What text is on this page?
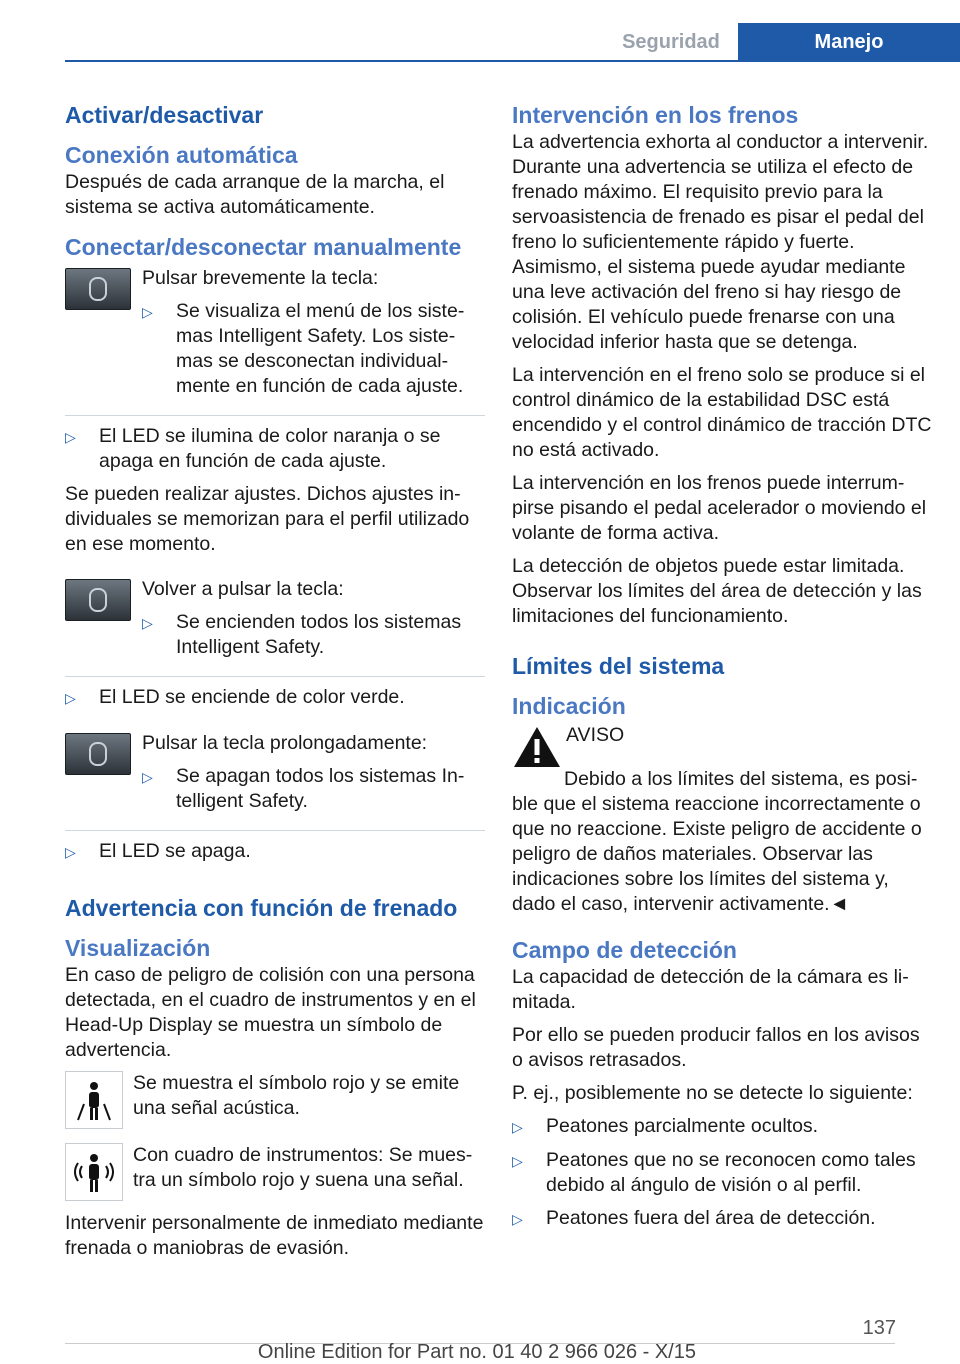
Seguridad	Manejo
Activar/desactivar
Conexión automática

Después de cada arranque de la marcha, el sistema se activa automáticamente.

Conectar/desconectar manualmente

Pulsar brevemente la tecla:

▷	Se visualiza el menú de los sistemas Intelligent Safety. Los sistemas se desconectan individualmente en función de cada ajuste.
▷	El LED se ilumina de color naranja o se apaga en función de cada ajuste.

Se pueden realizar ajustes. Dichos ajustes individuales se memorizan para el perfil utilizado en ese momento.

Volver a pulsar la tecla:

▷	Se encienden todos los sistemas Intelligent Safety.
▷	El LED se enciende de color verde.

Pulsar la tecla prolongadamente:

▷	Se apagan todos los sistemas Intelligent Safety.
▷	El LED se apaga.
Advertencia con función de frenado
Visualización

En caso de peligro de colisión con una persona detectada, en el cuadro de instrumentos y en el Head-Up Display se muestra un símbolo de advertencia.

Se muestra el símbolo rojo y se emite una señal acústica.

Con cuadro de instrumentos: Se muestra un símbolo rojo y suena una señal.

Intervenir personalmente de inmediato mediante frenada o maniobras de evasión.

Intervención en los frenos

La advertencia exhorta al conductor a intervenir. Durante una advertencia se utiliza el efecto de frenado máximo. El requisito previo para la servoasistencia de frenado es pisar el pedal del freno lo suficientemente rápido y fuerte. Asimismo, el sistema puede ayudar mediante una leve activación del freno si hay riesgo de colisión. El vehículo puede frenarse con una velocidad inferior hasta que se detenga.

La intervención en el freno solo se produce si el control dinámico de la estabilidad DSC está encendido y el control dinámico de tracción DTC no está activado.

La intervención en los frenos puede interrumpirse pisando el pedal acelerador o moviendo el volante de forma activa.

La detección de objetos puede estar limitada. Observar los límites del área de detección y las limitaciones del funcionamiento.

Límites del sistema
Indicación

AVISO

Debido a los límites del sistema, es posible que el sistema reaccione incorrectamente o que no reaccione. Existe peligro de accidente o peligro de daños materiales. Observar las indicaciones sobre los límites del sistema y, dado el caso, intervenir activamente.◄

Campo de detección

La capacidad de detección de la cámara es limitada.

Por ello se pueden producir fallos en los avisos o avisos retrasados.

P. ej., posiblemente no se detecte lo siguiente:

▷	Peatones parcialmente ocultos.
▷	Peatones que no se reconocen como tales debido al ángulo de visión o al perfil.
▷	Peatones fuera del área de detección.
137
Online Edition for Part no. 01 40 2 966 026 - X/15
